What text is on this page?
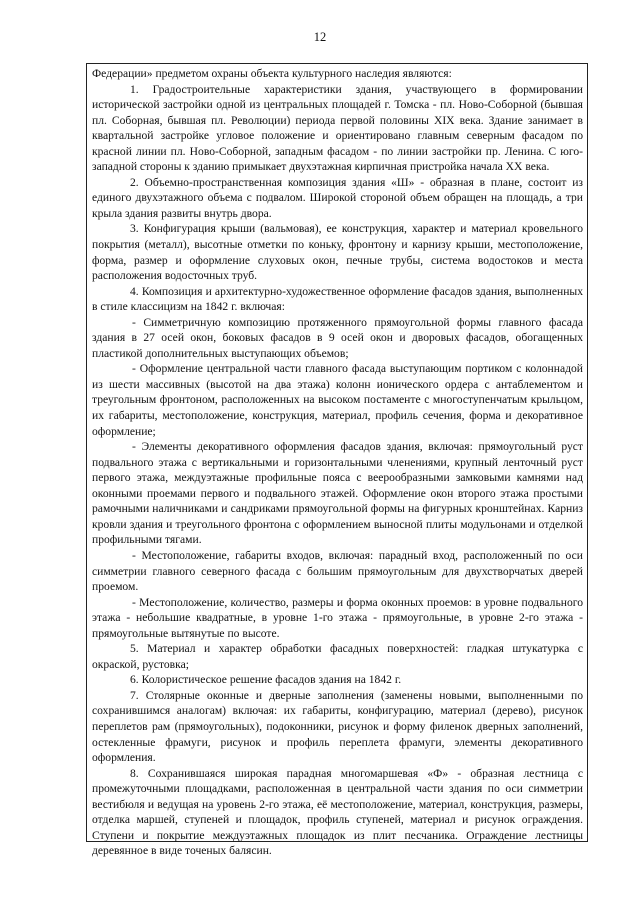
12

Федерации» предметом охраны объекта культурного наследия являются:

1. Градостроительные характеристики здания, участвующего в формировании исторической застройки одной из центральных площадей г. Томска - пл. Ново-Соборной (бывшая пл. Соборная, бывшая пл. Революции) периода первой половины XIX века. Здание занимает в квартальной застройке угловое положение и ориентировано главным северным фасадом по красной линии пл. Ново-Соборной, западным фасадом - по линии застройки пр. Ленина. С юго-западной стороны к зданию примыкает двухэтажная кирпичная пристройка начала XX века.

2. Объемно-пространственная композиция здания «Ш» - образная в плане, состоит из единого двухэтажного объема с подвалом. Широкой стороной объем обращен на площадь, а три крыла здания развиты внутрь двора.

3. Конфигурация крыши (вальмовая), ее конструкция, характер и материал кровельного покрытия (металл), высотные отметки по коньку, фронтону и карнизу крыши, местоположение, форма, размер и оформление слуховых окон, печные трубы, система водостоков и места расположения водосточных труб.

4. Композиция и архитектурно-художественное оформление фасадов здания, выполненных в стиле классицизм на 1842 г. включая:

- Симметричную композицию протяженного прямоугольной формы главного фасада здания в 27 осей окон, боковых фасадов в 9 осей окон и дворовых фасадов, обогащенных пластикой дополнительных выступающих объемов;

- Оформление центральной части главного фасада выступающим портиком с колоннадой из шести массивных (высотой на два этажа) колонн ионического ордера с антаблементом и треугольным фронтоном, расположенных на высоком постаменте с многоступенчатым крыльцом, их габариты, местоположение, конструкция, материал, профиль сечения, форма и декоративное оформление;

- Элементы декоративного оформления фасадов здания, включая: прямоугольный руст подвального этажа с вертикальными и горизонтальными членениями, крупный ленточный руст первого этажа, междуэтажные профильные пояса с веерообразными замковыми камнями над оконными проемами первого и подвального этажей. Оформление окон второго этажа простыми рамочными наличниками и сандриками прямоугольной формы на фигурных кронштейнах. Карниз кровли здания и треугольного фронтона с оформлением выносной плиты модульонами и отделкой профильными тягами.

- Местоположение, габариты входов, включая: парадный вход, расположенный по оси симметрии главного северного фасада с большим прямоугольным для двухстворчатых дверей проемом.

- Местоположение, количество, размеры и форма оконных проемов: в уровне подвального этажа - небольшие квадратные, в уровне 1-го этажа - прямоугольные, в уровне 2-го этажа - прямоугольные вытянутые по высоте.

5. Материал и характер обработки фасадных поверхностей: гладкая штукатурка с окраской, рустовка;

6. Колористическое решение фасадов здания на 1842 г.

7. Столярные оконные и дверные заполнения (заменены новыми, выполненными по сохранившимся аналогам) включая: их габариты, конфигурацию, материал (дерево), рисунок переплетов рам (прямоугольных), подоконники, рисунок и форму филенок дверных заполнений, остекленные фрамуги, рисунок и профиль переплета фрамуги, элементы декоративного оформления.

8. Сохранившаяся широкая парадная многомаршевая «Ф» - образная лестница с промежуточными площадками, расположенная в центральной части здания по оси симметрии вестибюля и ведущая на уровень 2-го этажа, её местоположение, материал, конструкция, размеры, отделка маршей, ступеней и площадок, профиль ступеней, материал и рисунок ограждения. Ступени и покрытие междуэтажных площадок из плит песчаника. Ограждение лестницы деревянное в виде точеных балясин.
